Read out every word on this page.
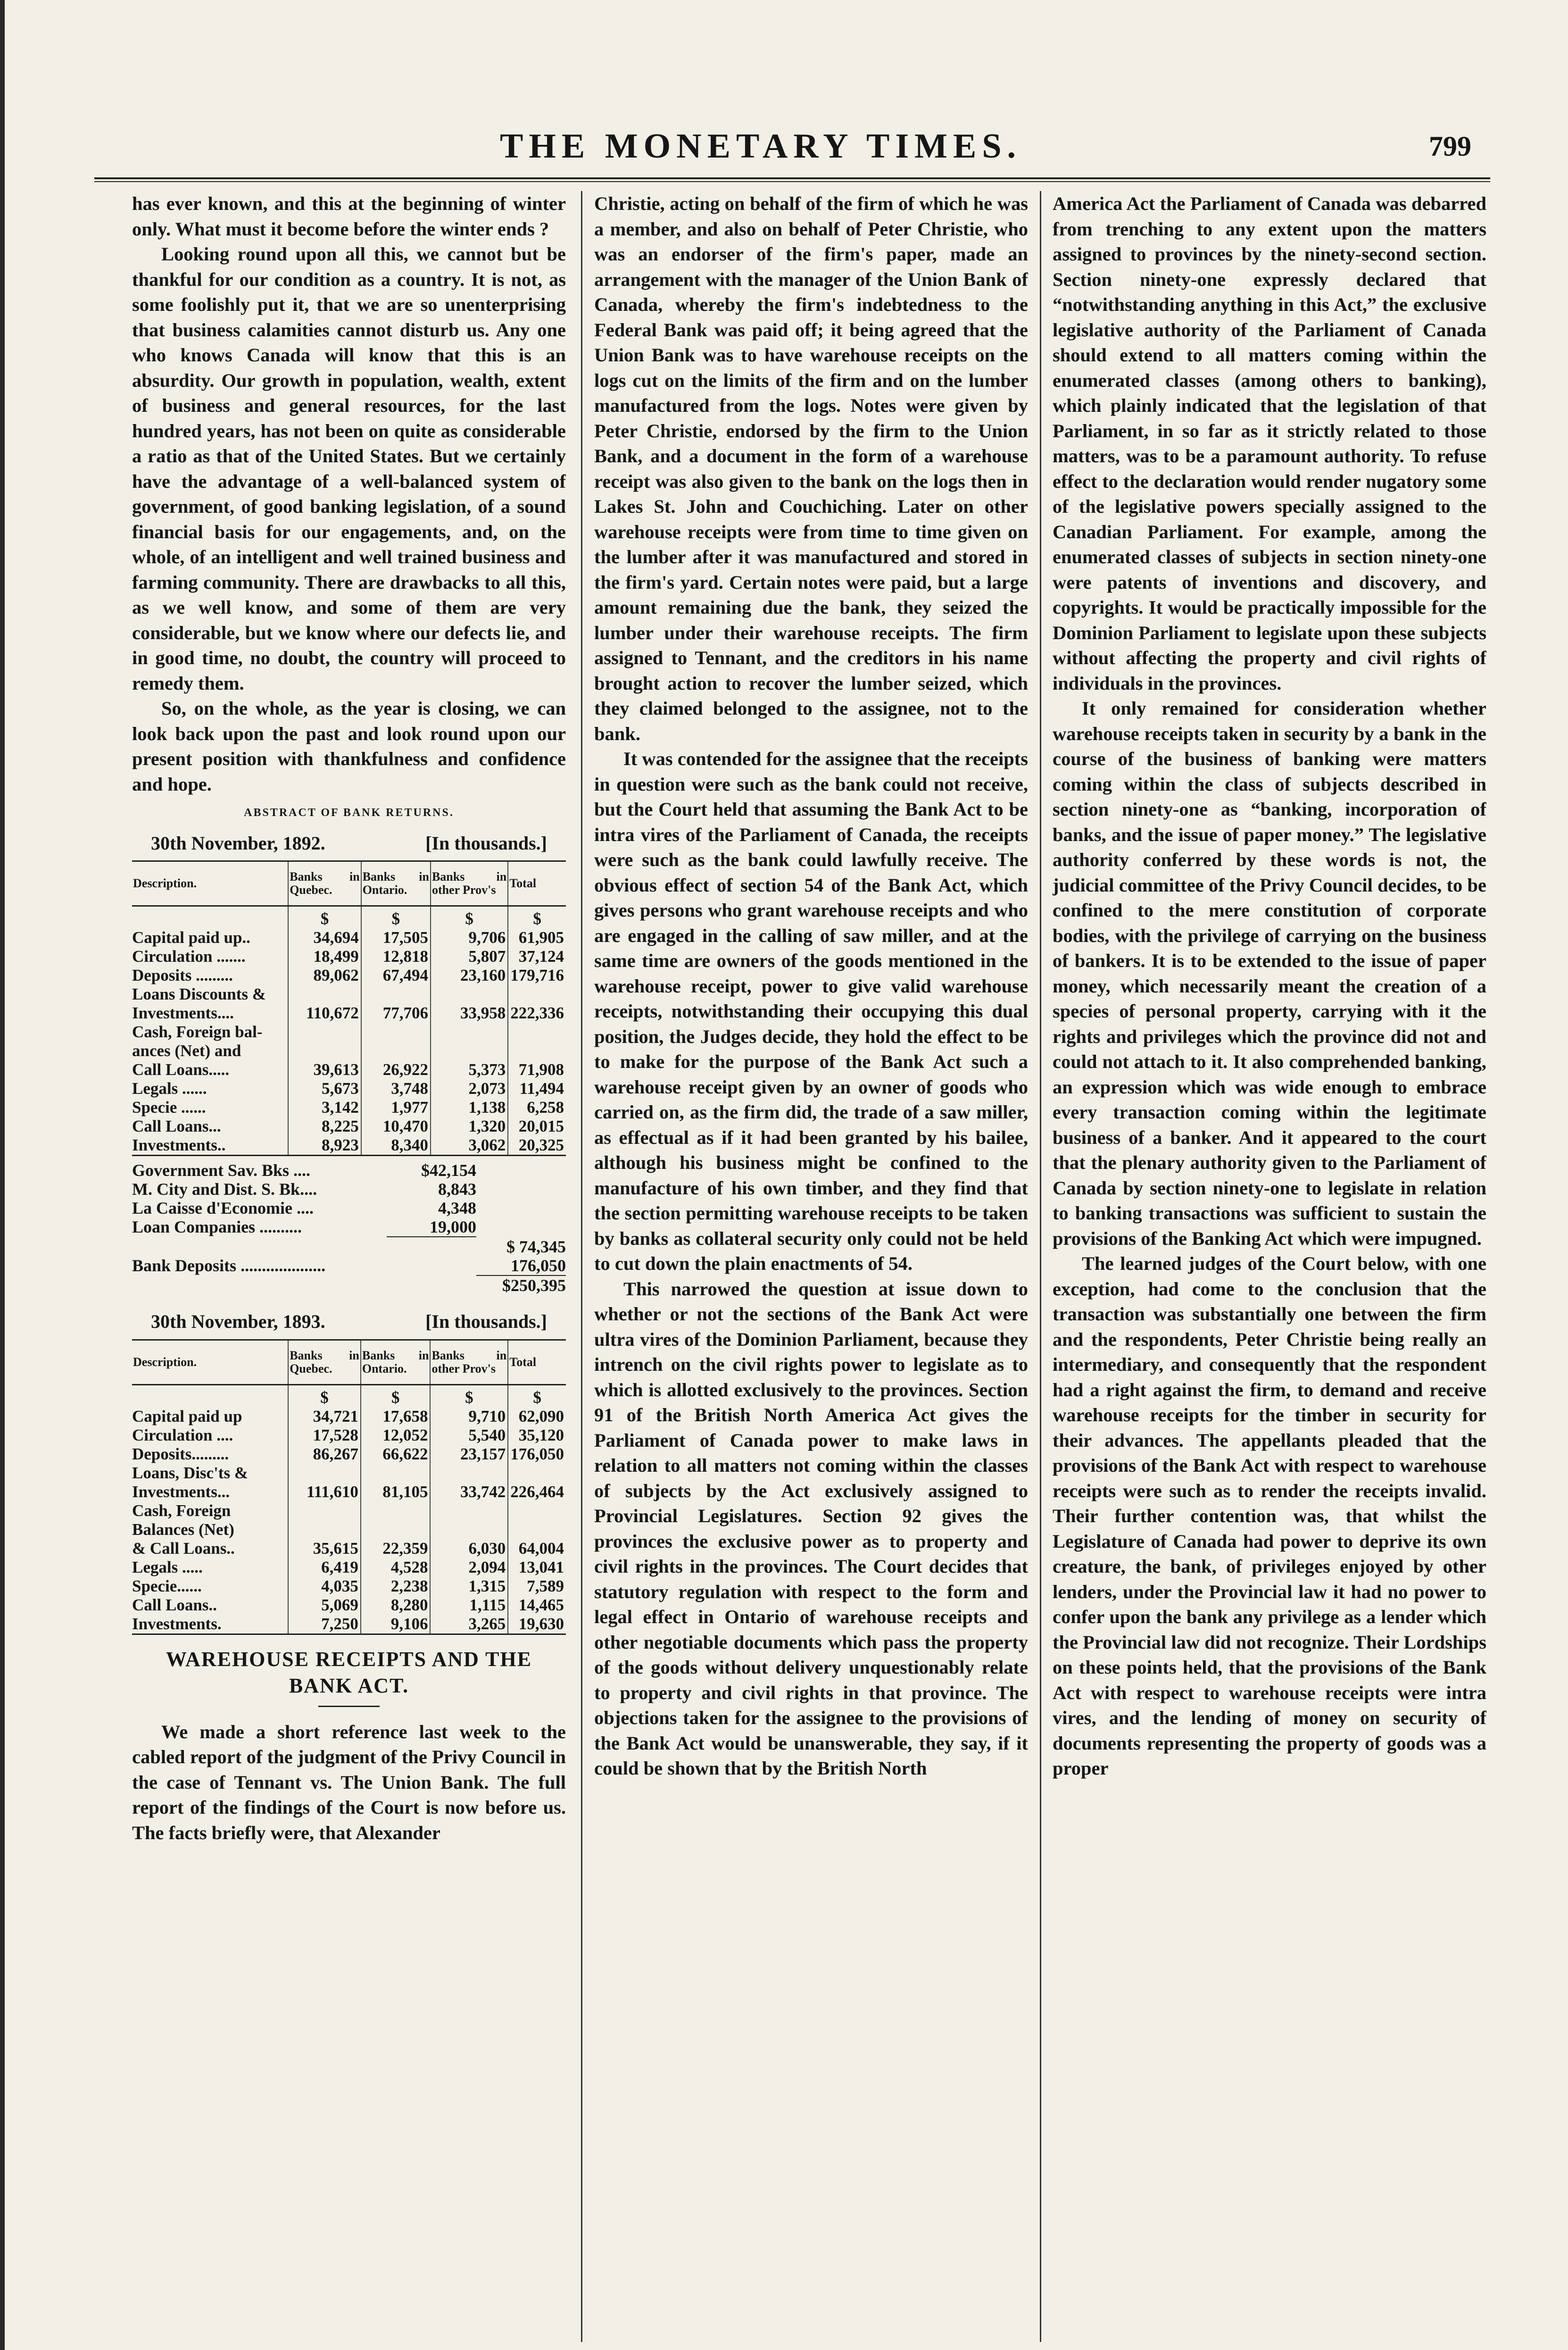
THE MONETARY TIMES.	799

has ever known, and this at the beginning of winter only. What must it become before the winter ends ?

Looking round upon all this, we cannot but be thankful for our condition as a country. It is not, as some foolishly put it, that we are so unenterprising that business calamities cannot disturb us. Any one who knows Canada will know that this is an absurdity. Our growth in population, wealth, extent of business and general resources, for the last hundred years, has not been on quite as considerable a ratio as that of the United States. But we certainly have the advantage of a well-balanced system of government, of good banking legislation, of a sound financial basis for our engagements, and, on the whole, of an intelligent and well trained business and farming community. There are drawbacks to all this, as we well know, and some of them are very considerable, but we know where our defects lie, and in good time, no doubt, the country will proceed to remedy them.

So, on the whole, as the year is closing, we can look back upon the past and look round upon our present position with thankfulness and confidence and hope.

ABSTRACT OF BANK RETURNS.
30th November, 1892.	[In thousands.]
Description.	Banks in Quebec.	Banks in Ontario.	Banks in other Prov's	Total
	$	$	$	$
Capital paid up..	34,694	17,505	9,706	61,905
Circulation .......	18,499	12,818	5,807	37,124
Deposits .........	89,062	67,494	23,160	179,716
Loans Discounts &				
Investments....	110,672	77,706	33,958	222,336
Cash, Foreign bal-				
ances (Net) and				
Call Loans.....	39,613	26,922	5,373	71,908
Legals ......	5,673	3,748	2,073	11,494
Specie ......	3,142	1,977	1,138	6,258
Call Loans...	8,225	10,470	1,320	20,015
Investments..	8,923	8,340	3,062	20,325
Government Sav. Bks ....	$42,154
M. City and Dist. S. Bk....	8,843
La Caisse d'Economie ....	4,348
Loan Companies ..........	19,000
$ 74,345
Bank Deposits ....................	176,050
$250,395
30th November, 1893.	[In thousands.]
Description.	Banks in Quebec.	Banks in Ontario.	Banks in other Prov's	Total
	$	$	$	$
Capital paid up	34,721	17,658	9,710	62,090
Circulation ....	17,528	12,052	5,540	35,120
Deposits.........	86,267	66,622	23,157	176,050
Loans, Disc'ts &				
Investments...	111,610	81,105	33,742	226,464
Cash, Foreign				
Balances (Net)				
& Call Loans..	35,615	22,359	6,030	64,004
Legals .....	6,419	4,528	2,094	13,041
Specie......	4,035	2,238	1,315	7,589
Call Loans..	5,069	8,280	1,115	14,465
Investments.	7,250	9,106	3,265	19,630
WAREHOUSE RECEIPTS AND THE BANK ACT.

We made a short reference last week to the cabled report of the judgment of the Privy Council in the case of Tennant vs. The Union Bank. The full report of the findings of the Court is now before us. The facts briefly were, that Alexander

Christie, acting on behalf of the firm of which he was a member, and also on behalf of Peter Christie, who was an endorser of the firm's paper, made an arrangement with the manager of the Union Bank of Canada, whereby the firm's indebtedness to the Federal Bank was paid off; it being agreed that the Union Bank was to have warehouse receipts on the logs cut on the limits of the firm and on the lumber manufactured from the logs. Notes were given by Peter Christie, endorsed by the firm to the Union Bank, and a document in the form of a warehouse receipt was also given to the bank on the logs then in Lakes St. John and Couchiching. Later on other warehouse receipts were from time to time given on the lumber after it was manufactured and stored in the firm's yard. Certain notes were paid, but a large amount remaining due the bank, they seized the lumber under their warehouse receipts. The firm assigned to Tennant, and the creditors in his name brought action to recover the lumber seized, which they claimed belonged to the assignee, not to the bank.

It was contended for the assignee that the receipts in question were such as the bank could not receive, but the Court held that assuming the Bank Act to be intra vires of the Parliament of Canada, the receipts were such as the bank could lawfully receive. The obvious effect of section 54 of the Bank Act, which gives persons who grant warehouse receipts and who are engaged in the calling of saw miller, and at the same time are owners of the goods mentioned in the warehouse receipt, power to give valid warehouse receipts, notwithstanding their occupying this dual position, the Judges decide, they hold the effect to be to make for the purpose of the Bank Act such a warehouse receipt given by an owner of goods who carried on, as the firm did, the trade of a saw miller, as effectual as if it had been granted by his bailee, although his business might be confined to the manufacture of his own timber, and they find that the section permitting warehouse receipts to be taken by banks as collateral security only could not be held to cut down the plain enactments of 54.

This narrowed the question at issue down to whether or not the sections of the Bank Act were ultra vires of the Dominion Parliament, because they intrench on the civil rights power to legislate as to which is allotted exclusively to the provinces. Section 91 of the British North America Act gives the Parliament of Canada power to make laws in relation to all matters not coming within the classes of subjects by the Act exclusively assigned to Provincial Legislatures. Section 92 gives the provinces the exclusive power as to property and civil rights in the provinces. The Court decides that statutory regulation with respect to the form and legal effect in Ontario of warehouse receipts and other negotiable documents which pass the property of the goods without delivery unquestionably relate to property and civil rights in that province. The objections taken for the assignee to the provisions of the Bank Act would be unanswerable, they say, if it could be shown that by the British North

America Act the Parliament of Canada was debarred from trenching to any extent upon the matters assigned to provinces by the ninety-second section. Section ninety-one expressly declared that “notwithstanding anything in this Act,” the exclusive legislative authority of the Parliament of Canada should extend to all matters coming within the enumerated classes (among others to banking), which plainly indicated that the legislation of that Parliament, in so far as it strictly related to those matters, was to be a paramount authority. To refuse effect to the declaration would render nugatory some of the legislative powers specially assigned to the Canadian Parliament. For example, among the enumerated classes of subjects in section ninety-one were patents of inventions and discovery, and copyrights. It would be practically impossible for the Dominion Parliament to legislate upon these subjects without affecting the property and civil rights of individuals in the provinces.

It only remained for consideration whether warehouse receipts taken in security by a bank in the course of the business of banking were matters coming within the class of subjects described in section ninety-one as “banking, incorporation of banks, and the issue of paper money.” The legislative authority conferred by these words is not, the judicial committee of the Privy Council decides, to be confined to the mere constitution of corporate bodies, with the privilege of carrying on the business of bankers. It is to be extended to the issue of paper money, which necessarily meant the creation of a species of personal property, carrying with it the rights and privileges which the province did not and could not attach to it. It also comprehended banking, an expression which was wide enough to embrace every transaction coming within the legitimate business of a banker. And it appeared to the court that the plenary authority given to the Parliament of Canada by section ninety-one to legislate in relation to banking transactions was sufficient to sustain the provisions of the Banking Act which were impugned.

The learned judges of the Court below, with one exception, had come to the conclusion that the transaction was substantially one between the firm and the respondents, Peter Christie being really an intermediary, and consequently that the respondent had a right against the firm, to demand and receive warehouse receipts for the timber in security for their advances. The appellants pleaded that the provisions of the Bank Act with respect to warehouse receipts were such as to render the receipts invalid. Their further contention was, that whilst the Legislature of Canada had power to deprive its own creature, the bank, of privileges enjoyed by other lenders, under the Provincial law it had no power to confer upon the bank any privilege as a lender which the Provincial law did not recognize. Their Lordships on these points held, that the provisions of the Bank Act with respect to warehouse receipts were intra vires, and the lending of money on security of documents representing the property of goods was a proper
